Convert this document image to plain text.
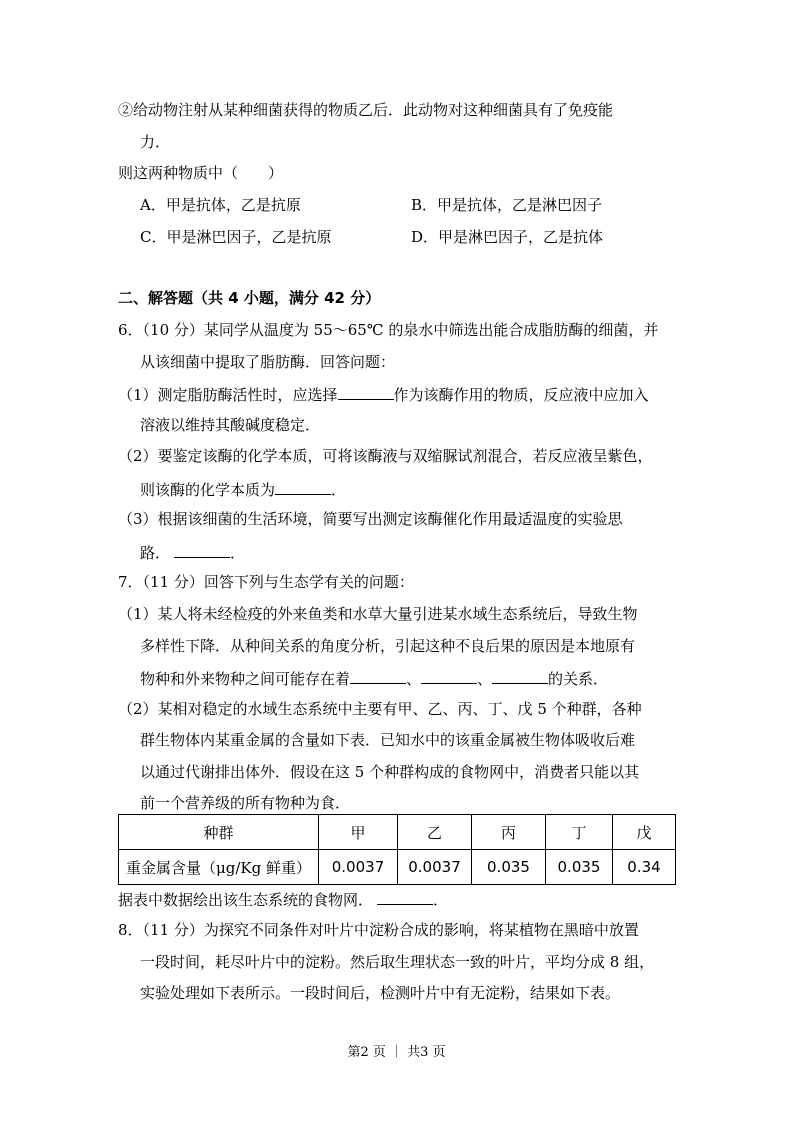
②给动物注射从某种细菌获得的物质乙后．此动物对这种细菌具有了免疫能
力．
则这两种物质中（　　）
A．甲是抗体，乙是抗原	B．甲是抗体，乙是淋巴因子
C．甲是淋巴因子，乙是抗原	D．甲是淋巴因子，乙是抗体
二、解答题（共 4 小题，满分 42 分）
6．（10 分）某同学从温度为 55～65℃ 的泉水中筛选出能合成脂肪酶的细菌，并
从该细菌中提取了脂肪酶．回答问题：
（1）测定脂肪酶活性时，应选择	作为该酶作用的物质，反应液中应加入
溶液以维持其酸碱度稳定．
（2）要鉴定该酶的化学本质，可将该酶液与双缩脲试剂混合，若反应液呈紫色，
则该酶的化学本质为	．
（3）根据该细菌的生活环境，简要写出测定该酶催化作用最适温度的实验思
路．	．
7．（11 分）回答下列与生态学有关的问题：
（1）某人将未经检疫的外来鱼类和水草大量引进某水域生态系统后，导致生物
多样性下降．从种间关系的角度分析，引起这种不良后果的原因是本地原有
物种和外来物种之间可能存在着	、	、	的关系．
（2）某相对稳定的水域生态系统中主要有甲、乙、丙、丁、戊 5 个种群，各种
群生物体内某重金属的含量如下表．已知水中的该重金属被生物体吸收后难
以通过代谢排出体外．假设在这 5 个种群构成的食物网中，消费者只能以其
前一个营养级的所有物种为食．
种群	甲	乙	丙	丁	戊
重金属含量（μg/Kg 鲜重）	0.0037	0.0037	0.035	0.035	0.34
据表中数据绘出该生态系统的食物网．	．
8．（11 分）为探究不同条件对叶片中淀粉合成的影响，将某植物在黑暗中放置
一段时间，耗尽叶片中的淀粉。然后取生理状态一致的叶片，平均分成 8 组，
实验处理如下表所示。一段时间后，检测叶片中有无淀粉，结果如下表。
第2 页 ｜ 共3 页
